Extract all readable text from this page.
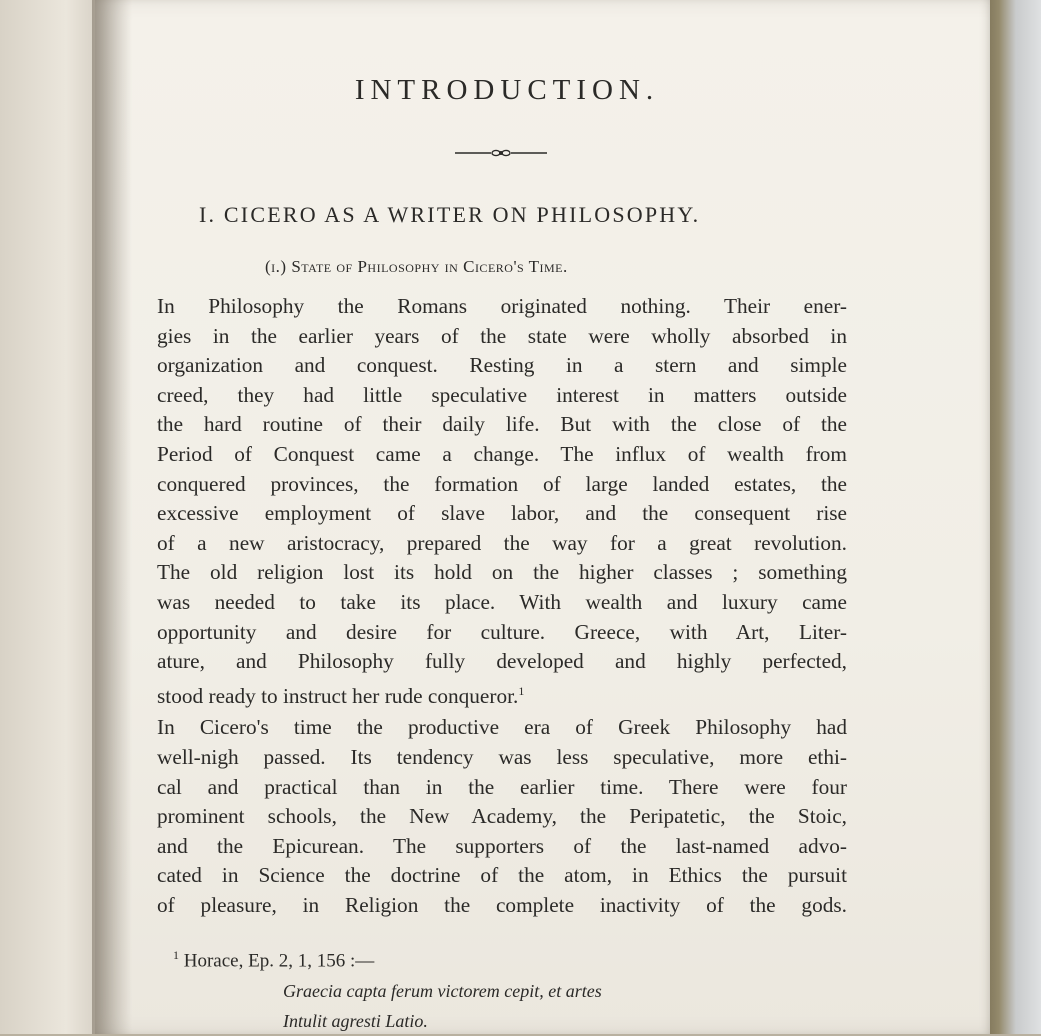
INTRODUCTION.
I. CICERO AS A WRITER ON PHILOSOPHY.
(i.) State of Philosophy in Cicero's Time.
In Philosophy the Romans originated nothing. Their ener-
gies in the earlier years of the state were wholly absorbed in
organization and conquest. Resting in a stern and simple
creed, they had little speculative interest in matters outside
the hard routine of their daily life. But with the close of the
Period of Conquest came a change. The influx of wealth from
conquered provinces, the formation of large landed estates, the
excessive employment of slave labor, and the consequent rise
of a new aristocracy, prepared the way for a great revolution.
The old religion lost its hold on the higher classes ; something
was needed to take its place. With wealth and luxury came
opportunity and desire for culture. Greece, with Art, Liter-
ature, and Philosophy fully developed and highly perfected,
stood ready to instruct her rude conqueror.$^1$
In Cicero's time the productive era of Greek Philosophy had
well-nigh passed. Its tendency was less speculative, more ethi-
cal and practical than in the earlier time. There were four
prominent schools, the New Academy, the Peripatetic, the Stoic,
and the Epicurean. The supporters of the last-named advo-
cated in Science the doctrine of the atom, in Ethics the pursuit
of pleasure, in Religion the complete inactivity of the gods.
$^1$ Horace, Ep. 2, 1, 156 :—
Graecia capta ferum victorem cepit, et artes
Intulit agresti Latio.
